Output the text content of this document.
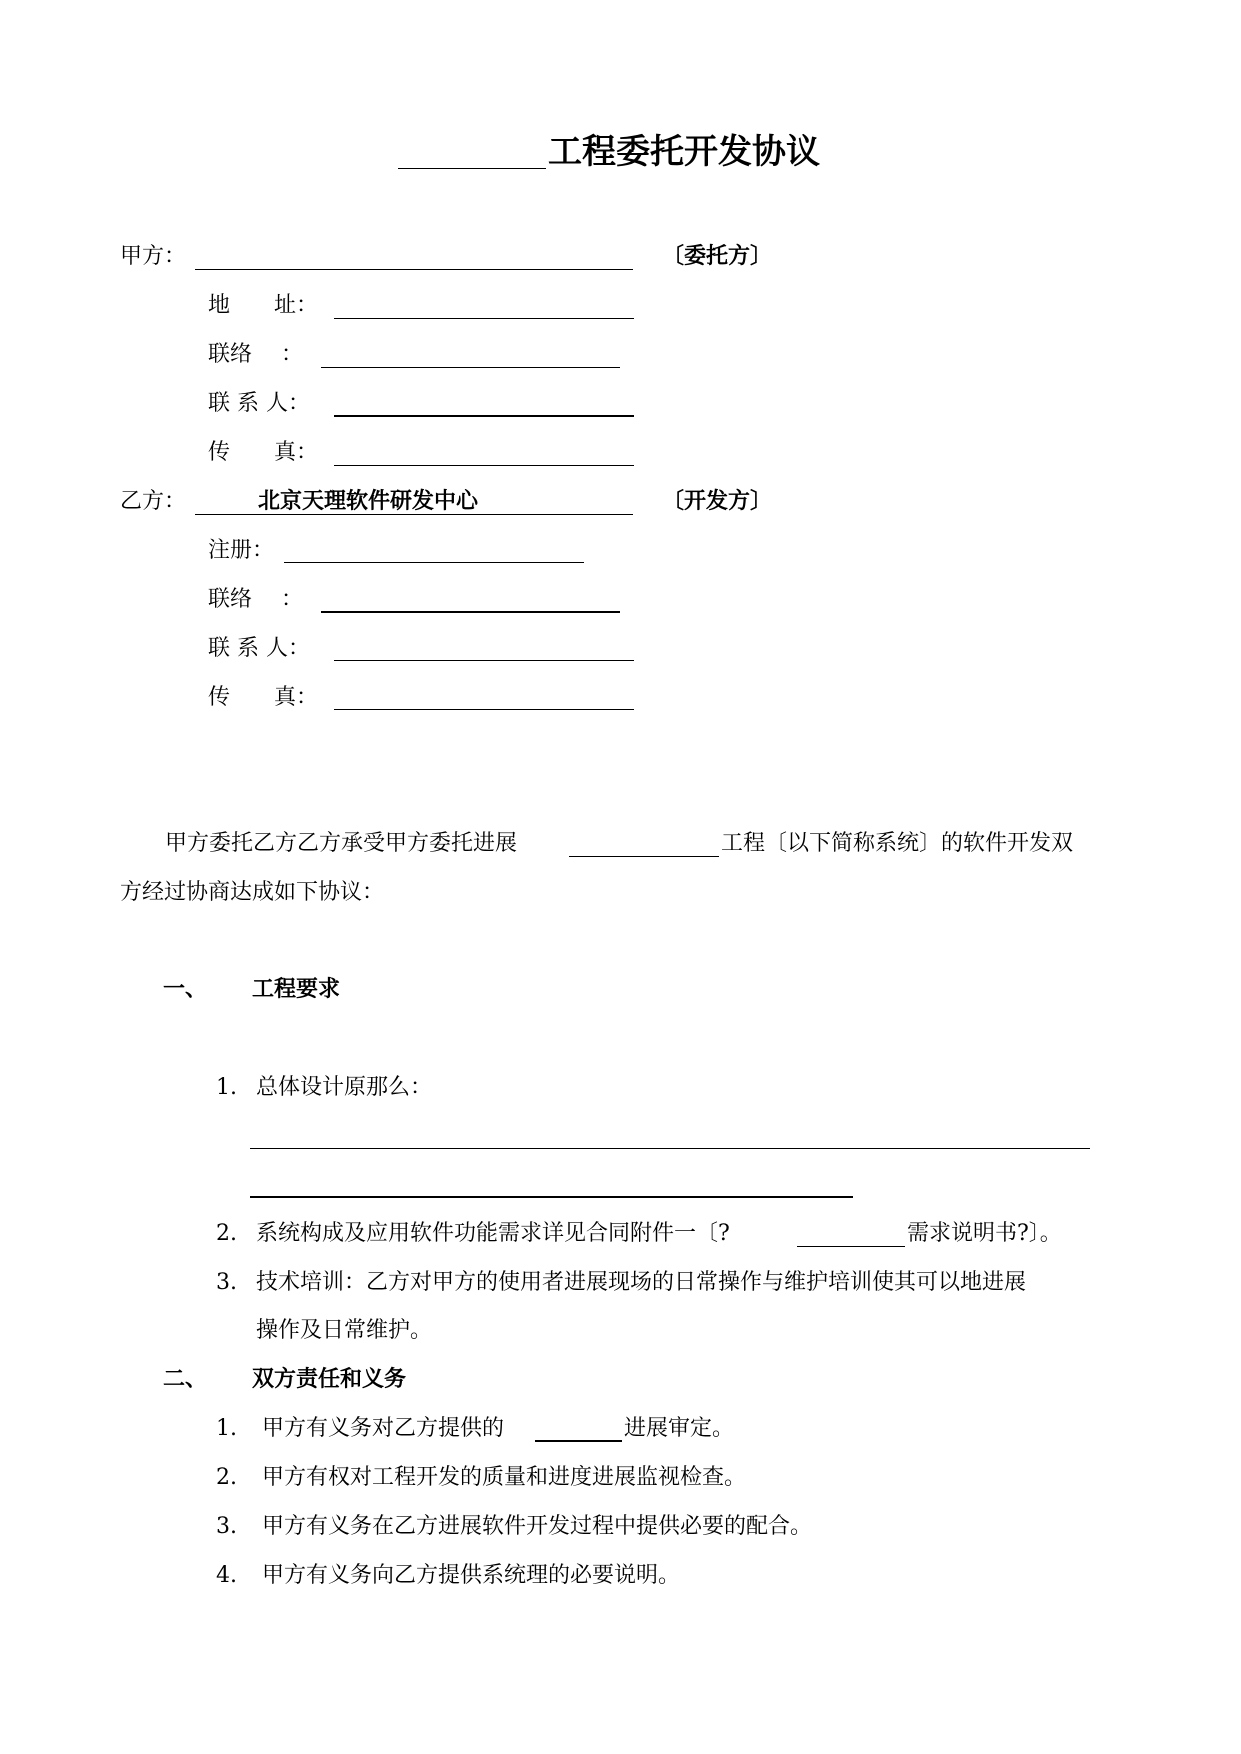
工程委托开发协议
甲方：	〔委托方〕
地　　址：
联络　 ：
联 系 人：
传　　真：
乙方：	北京天理软件研发中心	〔开发方〕
注册：
联络　 ：
联 系 人：
传　　真：
甲方委托乙方乙方承受甲方委托进展	工程〔以下简称系统〕的软件开发双
方经过协商达成如下协议：
一、 工程要求
1. 总体设计原那么：
2. 系统构成及应用软件功能需求详见合同附件一〔?	需求说明书?〕。
3. 技术培训：乙方对甲方的使用者进展现场的日常操作与维护培训使其可以地进展
操作及日常维护。
二、 双方责任和义务
1. 甲方有义务对乙方提供的	进展审定。
2. 甲方有权对工程开发的质量和进度进展监视检查。
3. 甲方有义务在乙方进展软件开发过程中提供必要的配合。
4. 甲方有义务向乙方提供系统理的必要说明。
